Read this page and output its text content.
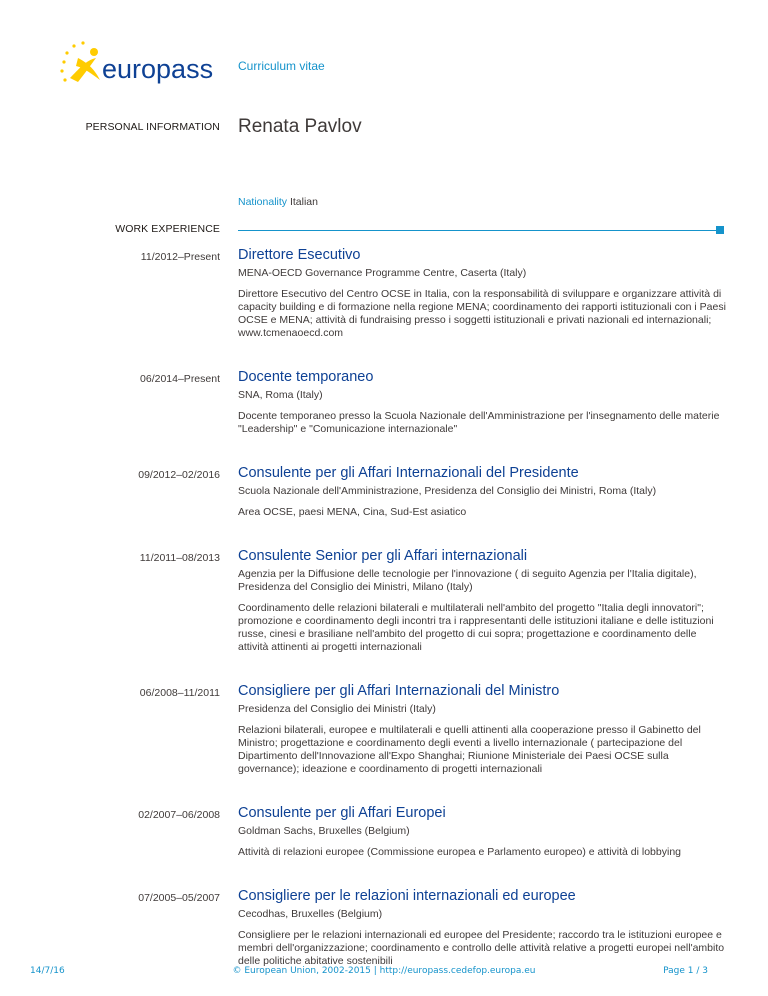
europass Curriculum vitae
PERSONAL INFORMATION Renata Pavlov
Nationality Italian
WORK EXPERIENCE
11/2012–Present Direttore Esecutivo
MENA-OECD Governance Programme Centre, Caserta (Italy)
Direttore Esecutivo del Centro OCSE in Italia, con la responsabilità di sviluppare e organizzare attività di capacity building e di formazione nella regione MENA; coordinamento dei rapporti istituzionali con i Paesi OCSE e MENA; attività di fundraising presso i soggetti istituzionali e privati nazionali ed internazionali; www.tcmenaoecd.com
06/2014–Present Docente temporaneo
SNA, Roma (Italy)
Docente temporaneo presso la Scuola Nazionale dell'Amministrazione per l'insegnamento delle materie "Leadership" e "Comunicazione internazionale"
09/2012–02/2016 Consulente per gli Affari Internazionali del Presidente
Scuola Nazionale dell'Amministrazione, Presidenza del Consiglio dei Ministri, Roma (Italy)
Area OCSE, paesi MENA, Cina, Sud-Est asiatico
11/2011–08/2013 Consulente Senior per gli Affari internazionali
Agenzia per la Diffusione delle tecnologie per l'innovazione ( di seguito Agenzia per l'Italia digitale), Presidenza del Consiglio dei Ministri, Milano (Italy)
Coordinamento delle relazioni bilaterali e multilaterali nell'ambito del progetto "Italia degli innovatori"; promozione e coordinamento degli incontri tra i rappresentanti delle istituzioni italiane e delle istituzioni russe, cinesi e brasiliane nell'ambito del progetto di cui sopra; progettazione e coordinamento delle attività attinenti ai progetti internazionali
06/2008–11/2011 Consigliere per gli Affari Internazionali del Ministro
Presidenza del Consiglio dei Ministri (Italy)
Relazioni bilaterali, europee e multilaterali e quelli attinenti alla cooperazione presso il Gabinetto del Ministro; progettazione e coordinamento degli eventi a livello internazionale ( partecipazione del Dipartimento dell'Innovazione all'Expo Shanghai; Riunione Ministeriale dei Paesi OCSE sulla governance); ideazione e coordinamento di progetti internazionali
02/2007–06/2008 Consulente per gli Affari Europei
Goldman Sachs, Bruxelles (Belgium)
Attività di relazioni europee (Commissione europea e Parlamento europeo) e attività di lobbying
07/2005–05/2007 Consigliere per le relazioni internazionali ed europee
Cecodhas, Bruxelles (Belgium)
Consigliere per le relazioni internazionali ed europee del Presidente; raccordo tra le istituzioni europee e membri dell'organizzazione; coordinamento e controllo delle attività relative a progetti europei nell'ambito delle politiche abitative sostenibili
14/7/16	© European Union, 2002-2015 | http://europass.cedefop.europa.eu	Page 1 / 3
